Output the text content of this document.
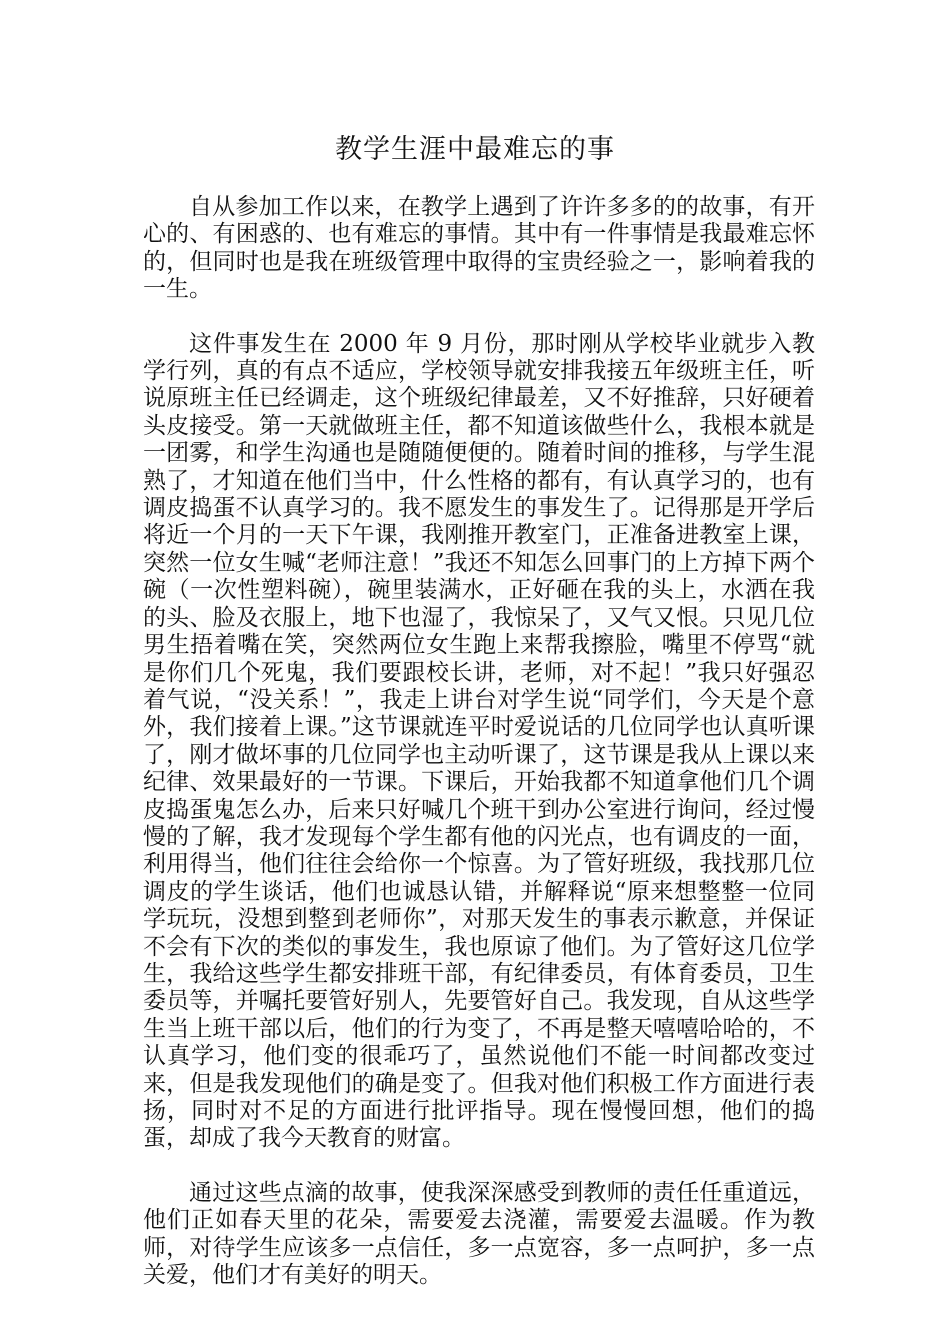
教学生涯中最难忘的事

自从参加工作以来，在教学上遇到了许许多多的的故事，有开心的、有困惑的、也有难忘的事情。其中有一件事情是我最难忘怀的，但同时也是我在班级管理中取得的宝贵经验之一，影响着我的一生。

这件事发生在 2000 年 9 月份，那时刚从学校毕业就步入教学行列，真的有点不适应，学校领导就安排我接五年级班主任，听说原班主任已经调走，这个班级纪律最差，又不好推辞，只好硬着头皮接受。第一天就做班主任，都不知道该做些什么，我根本就是一团雾，和学生沟通也是随随便便的。随着时间的推移，与学生混熟了，才知道在他们当中，什么性格的都有，有认真学习的，也有调皮捣蛋不认真学习的。我不愿发生的事发生了。记得那是开学后将近一个月的一天下午课，我刚推开教室门，正准备进教室上课，突然一位女生喊“老师注意！”我还不知怎么回事门的上方掉下两个碗（一次性塑料碗），碗里装满水，正好砸在我的头上，水洒在我的头、脸及衣服上，地下也湿了，我惊呆了，又气又恨。只见几位男生捂着嘴在笑，突然两位女生跑上来帮我擦脸，嘴里不停骂“就是你们几个死鬼，我们要跟校长讲，老师，对不起！”我只好强忍着气说，“没关系！”，我走上讲台对学生说“同学们，今天是个意外，我们接着上课。”这节课就连平时爱说话的几位同学也认真听课了，刚才做坏事的几位同学也主动听课了，这节课是我从上课以来纪律、效果最好的一节课。下课后，开始我都不知道拿他们几个调皮捣蛋鬼怎么办，后来只好喊几个班干到办公室进行询问，经过慢慢的了解，我才发现每个学生都有他的闪光点，也有调皮的一面，利用得当，他们往往会给你一个惊喜。为了管好班级，我找那几位调皮的学生谈话，他们也诚恳认错，并解释说“原来想整整一位同学玩玩，没想到整到老师你”，对那天发生的事表示歉意，并保证不会有下次的类似的事发生，我也原谅了他们。为了管好这几位学生，我给这些学生都安排班干部，有纪律委员，有体育委员，卫生委员等，并嘱托要管好别人，先要管好自己。我发现，自从这些学生当上班干部以后，他们的行为变了，不再是整天嘻嘻哈哈的，不认真学习，他们变的很乖巧了，虽然说他们不能一时间都改变过来，但是我发现他们的确是变了。但我对他们积极工作方面进行表扬，同时对不足的方面进行批评指导。现在慢慢回想，他们的捣蛋，却成了我今天教育的财富。

通过这些点滴的故事，使我深深感受到教师的责任任重道远，他们正如春天里的花朵，需要爱去浇灌，需要爱去温暖。作为教师，对待学生应该多一点信任，多一点宽容，多一点呵护，多一点关爱，他们才有美好的明天。
